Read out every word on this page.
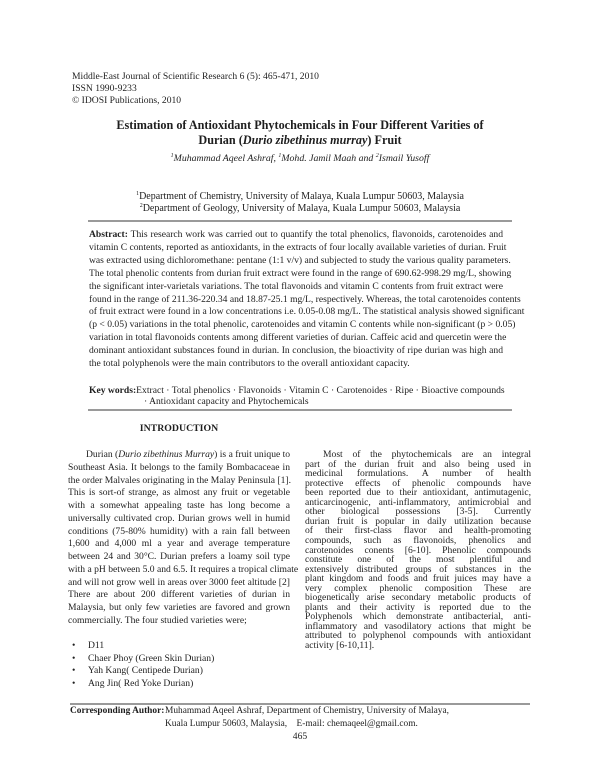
Middle-East Journal of Scientific Research 6 (5): 465-471, 2010
ISSN 1990-9233
© IDOSI Publications, 2010
Estimation of Antioxidant Phytochemicals in Four Different Varities of
Durian (Durio zibethinus murray) Fruit
$^1$Muhammad Aqeel Ashraf, $^1$Mohd. Jamil Maah and $^2$Ismail Yusoff
$^1$Department of Chemistry, University of Malaya, Kuala Lumpur 50603, Malaysia
$^2$Department of Geology, University of Malaya, Kuala Lumpur 50603, Malaysia
Abstract: This research work was carried out to quantify the total phenolics, flavonoids, carotenoides and
vitamin C contents, reported as antioxidants, in the extracts of four locally available varieties of durian. Fruit
was extracted using dichloromethane: pentane (1:1 v/v) and subjected to study the various quality parameters.
The total phenolic contents from durian fruit extract were found in the range of 690.62-998.29 mg/L, showing
the significant inter-varietals variations. The total flavonoids and vitamin C contents from fruit extract were
found in the range of 211.36-220.34 and 18.87-25.1 mg/L, respectively. Whereas, the total carotenoides contents
of fruit extract were found in a low concentrations i.e. 0.05-0.08 mg/L. The statistical analysis showed significant
(p < 0.05) variations in the total phenolic, carotenoides and vitamin C contents while non-significant (p > 0.05)
variation in total flavonoids contents among different varieties of durian. Caffeic acid and quercetin were the
dominant antioxidant substances found in durian. In conclusion, the bioactivity of ripe durian was high and
the total polyphenols were the main contributors to the overall antioxidant capacity.
Key words:Extract · Total phenolics · Flavonoids · Vitamin C · Carotenoides · Ripe · Bioactive compounds
· Antioxidant capacity and Phytochemicals
INTRODUCTION
Durian (Durio zibethinus Murray) is a fruit unique to
Southeast Asia. It belongs to the family Bombacaceae in
the order Malvales originating in the Malay Peninsula [1].
This is sort-of strange, as almost any fruit or vegetable
with a somewhat appealing taste has long become a
universally cultivated crop. Durian grows well in humid
conditions (75-80% humidity) with a rain fall between
1,600 and 4,000 ml a year and average temperature
between 24 and 30°C. Durian prefers a loamy soil type
with a pH between 5.0 and 6.5. It requires a tropical climate
and will not grow well in areas over 3000 feet altitude [2]
There are about 200 different varieties of durian in
Malaysia, but only few varieties are favored and grown
commercially. The four studied varieties were;
• D11
• Chaer Phoy (Green Skin Durian)
• Yah Kang( Centipede Durian)
• Ang Jin( Red Yoke Durian)
Most of the phytochemicals are an integral
part of the durian fruit and also being used in
medicinal formulations. A number of health
protective effects of phenolic compounds have
been reported due to their antioxidant, antimutagenic,
anticarcinogenic, anti-inflammatory, antimicrobial and
other biological possessions [3-5]. Currently
durian fruit is popular in daily utilization because
of their first-class flavor and health-promoting
compounds, such as flavonoids, phenolics and
carotenoides conents [6-10]. Phenolic compounds
constitute one of the most plentiful and
extensively distributed groups of substances in the
plant kingdom and foods and fruit juices may have a
very complex phenolic composition These are
biogenetically arise secondary metabolic products of
plants and their activity is reported due to the
Polyphenols which demonstrate antibacterial, anti-
inflammatory and vasodilatory actions that might be
attributed to polyphenol compounds with antioxidant
activity [6-10,11].
Corresponding Author: Muhammad Aqeel Ashraf, Department of Chemistry, University of Malaya,
Kuala Lumpur 50603, Malaysia,    E-mail: chemaqeel@gmail.com.
465
